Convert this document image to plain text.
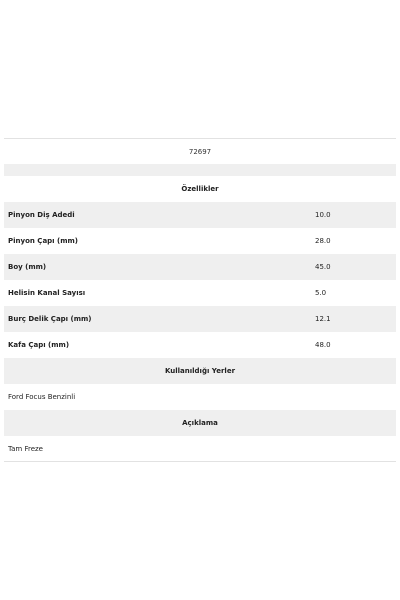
72697
Özellikler
Pinyon Diş Adedi	10.0
Pinyon Çapı (mm)	28.0
Boy (mm)	45.0
Helisin Kanal Sayısı	5.0
Burç Delik Çapı (mm)	12.1
Kafa Çapı (mm)	48.0
Kullanıldığı Yerler
Ford Focus Benzinli
Açıklama
Tam Freze
